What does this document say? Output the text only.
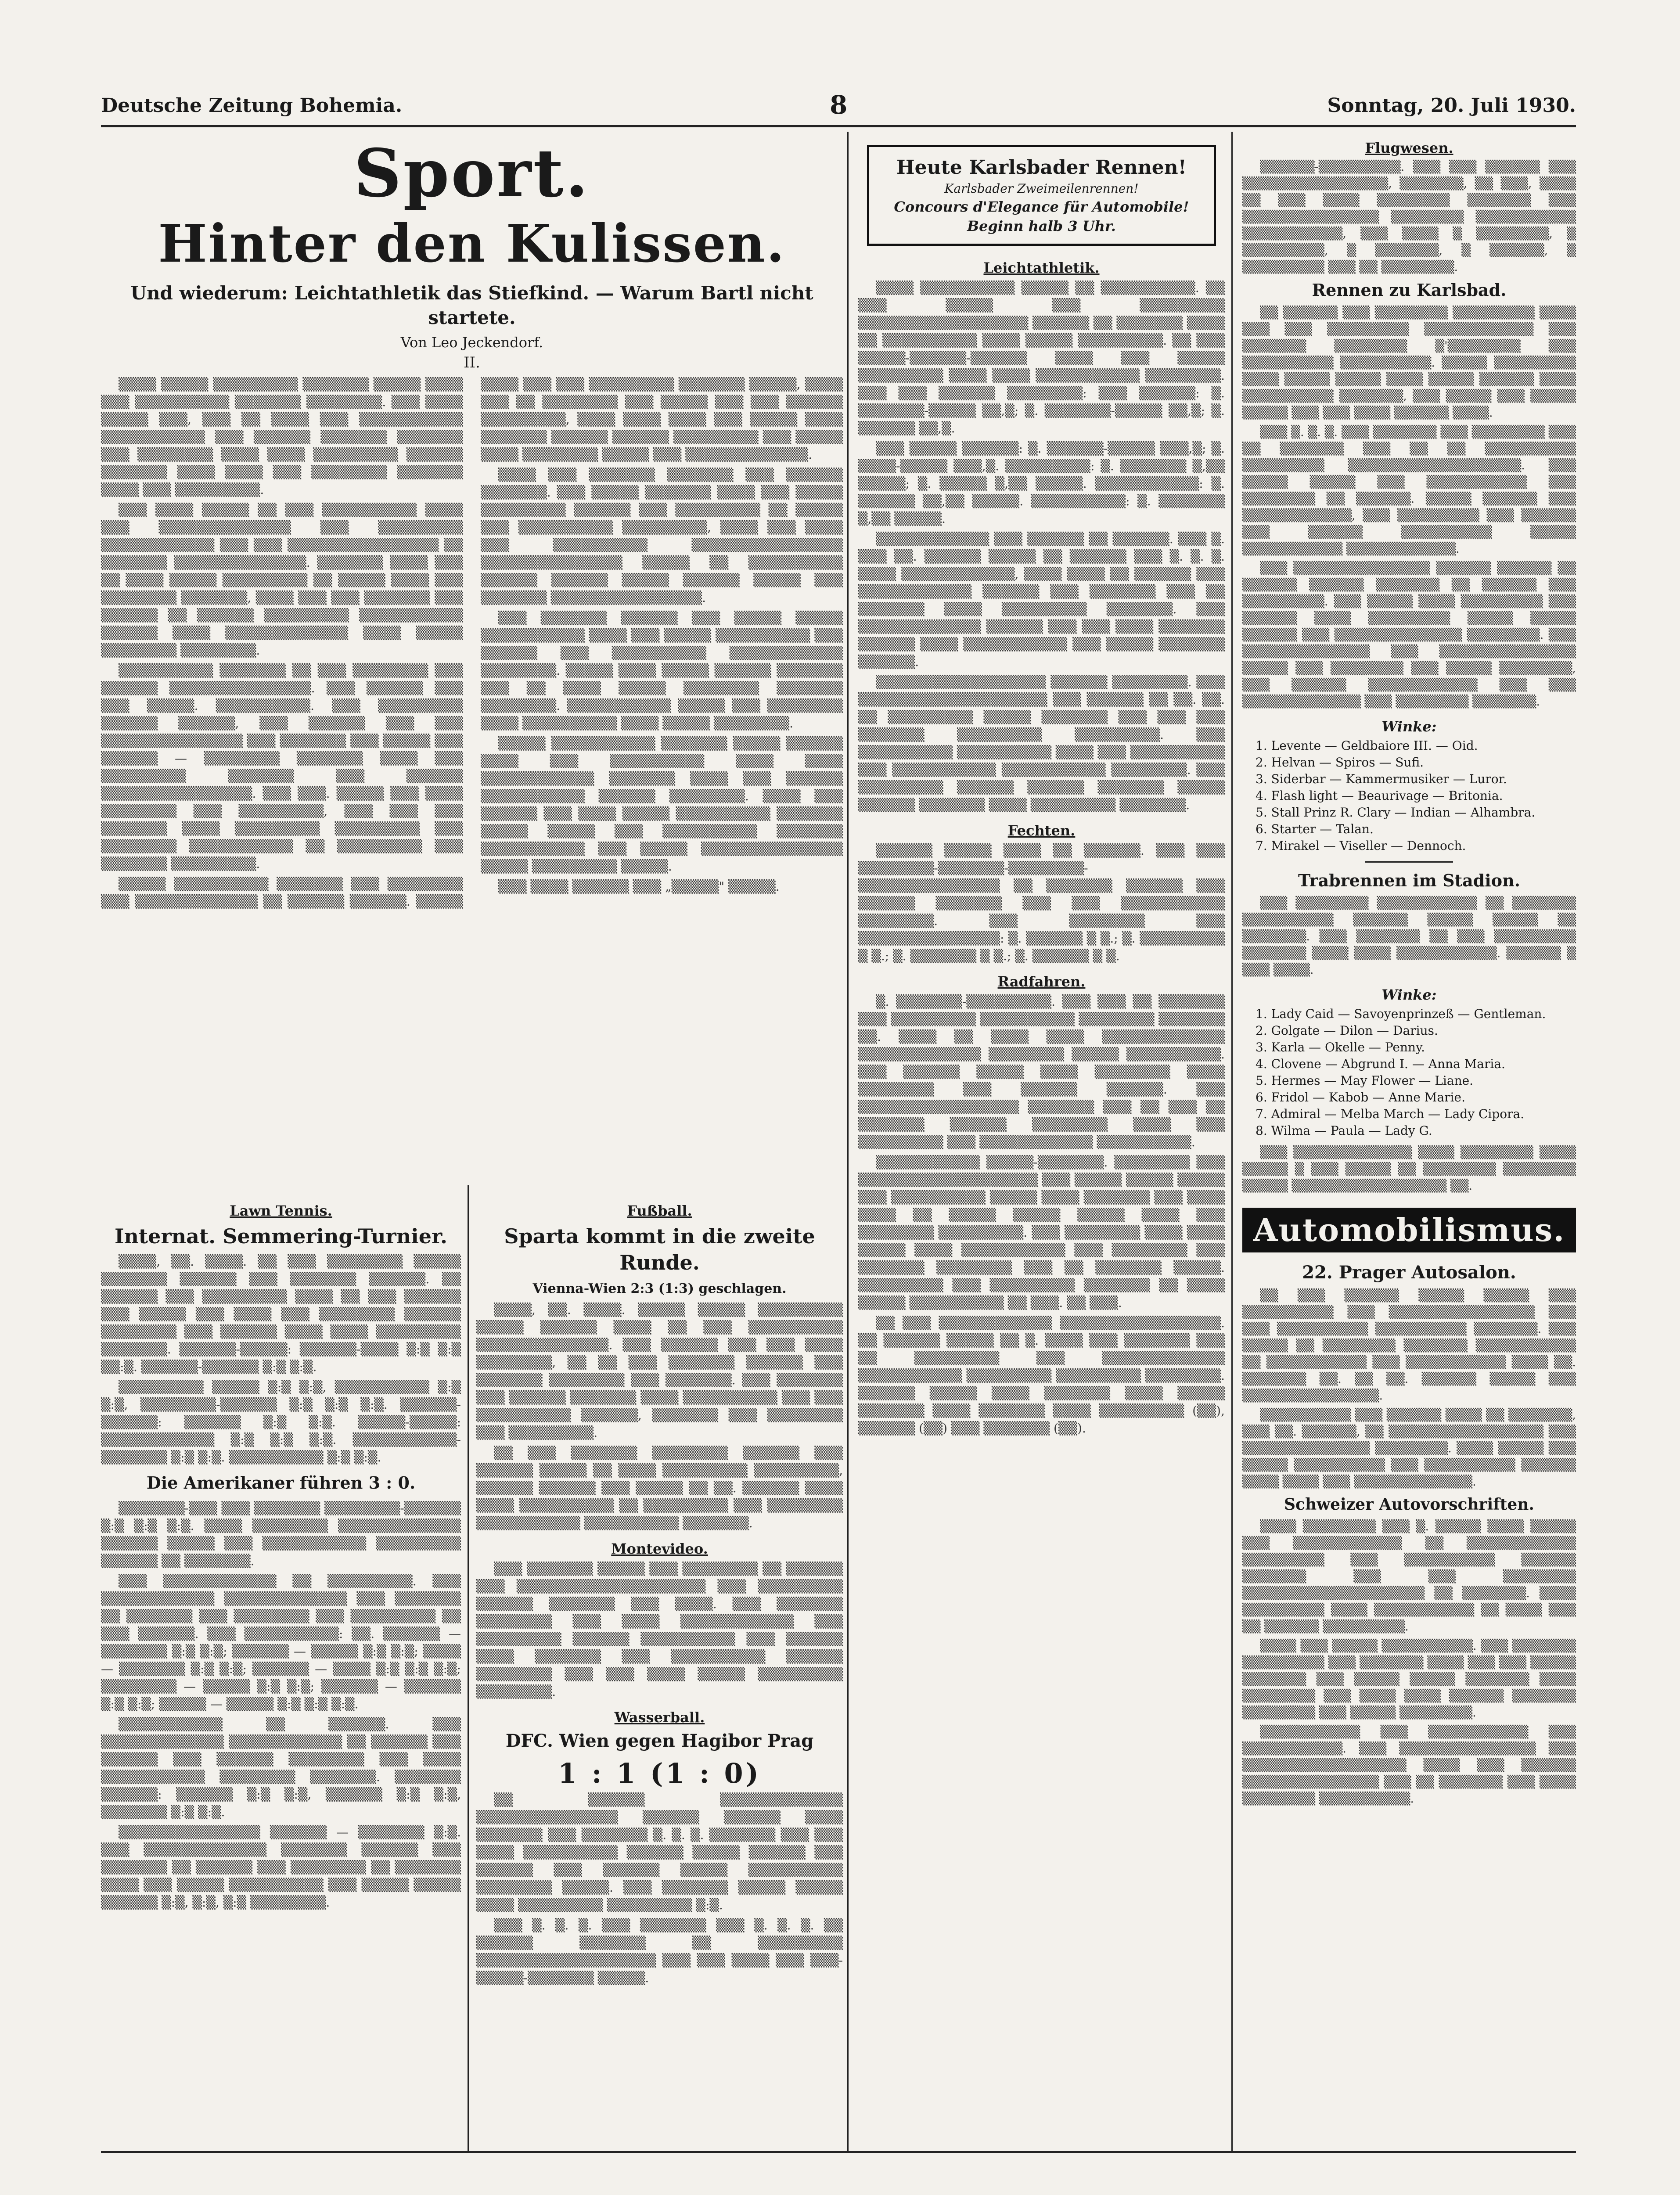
Deutsche Zeitung Bohemia.	8	Sonntag, 20. Juli 1930.
Sport.
Hinter den Kulissen.
Und wiederum: Leichtathletik das Stiefkind. — Warum Bartl nicht startete.
Von Leo Jeckendorf.
II.

▒▒▒▒ ▒▒▒▒▒ ▒▒▒▒▒▒▒▒▒ ▒▒▒▒▒▒▒ ▒▒▒▒▒ ▒▒▒▒ ▒▒▒ ▒▒▒▒▒▒▒▒▒▒ ▒▒▒▒▒▒▒ ▒▒▒▒▒▒▒▒. ▒▒▒ ▒▒▒▒ ▒▒▒▒▒ ▒▒▒, ▒▒▒ ▒▒ ▒▒▒▒ ▒▒▒ ▒▒▒▒▒▒▒▒▒▒▒ ▒▒▒▒▒▒▒▒▒▒▒ ▒▒▒ ▒▒▒▒▒▒ ▒▒▒▒▒▒▒ ▒▒▒▒▒▒▒ ▒▒▒ ▒▒▒▒▒▒▒▒ ▒▒▒▒ ▒▒▒▒ ▒▒▒▒▒▒▒▒▒ ▒▒▒▒▒▒ ▒▒▒▒▒▒▒ ▒▒▒▒ ▒▒▒▒ ▒▒▒ ▒▒▒▒▒▒▒▒ ▒▒▒▒▒▒▒ ▒▒▒▒ ▒▒▒ ▒▒▒▒▒▒▒▒▒.

▒▒▒ ▒▒▒▒ ▒▒▒▒▒ ▒▒ ▒▒▒ ▒▒▒▒▒▒▒▒▒▒ ▒▒▒▒ ▒▒▒ ▒▒▒▒▒▒▒▒▒▒▒▒▒▒ ▒▒▒ ▒▒▒▒▒▒▒▒▒ ▒▒▒▒▒▒▒▒▒▒▒▒ ▒▒▒ ▒▒▒ ▒▒▒▒▒▒▒▒▒▒▒▒▒▒▒▒ ▒▒ ▒▒▒▒▒▒▒ ▒▒▒▒▒▒▒▒▒▒▒▒▒▒. ▒▒▒▒▒▒▒ ▒▒▒▒ ▒▒▒ ▒▒ ▒▒▒▒ ▒▒▒▒▒ ▒▒▒▒▒▒▒▒▒ ▒▒ ▒▒▒▒▒ ▒▒▒▒ ▒▒▒ ▒▒▒▒▒▒▒▒ ▒▒▒▒▒▒▒, ▒▒▒▒ ▒▒▒ ▒▒▒ ▒▒▒▒▒▒▒ ▒▒▒ ▒▒▒▒▒▒ ▒▒ ▒▒▒▒▒▒ ▒▒▒▒▒▒▒▒▒ ▒▒▒▒▒▒▒▒▒▒▒ ▒▒▒▒▒▒ ▒▒▒▒ ▒▒▒▒▒▒▒▒▒▒▒▒▒ ▒▒▒▒ ▒▒▒▒▒ ▒▒▒▒▒▒▒▒ ▒▒▒▒▒▒▒▒.

▒▒▒▒▒▒▒▒▒▒ ▒▒▒▒▒▒▒ ▒▒ ▒▒▒ ▒▒▒▒▒▒▒▒ ▒▒▒ ▒▒▒▒▒▒ ▒▒▒▒▒▒▒▒▒▒▒▒▒▒▒. ▒▒▒ ▒▒▒▒▒▒ ▒▒▒ ▒▒▒ ▒▒▒▒▒. ▒▒▒▒▒▒▒▒▒▒. ▒▒▒ ▒▒▒▒▒▒▒▒▒ ▒▒▒▒▒▒ ▒▒▒▒▒▒, ▒▒▒ ▒▒▒▒▒▒ ▒▒▒ ▒▒▒ ▒▒▒▒▒▒▒▒▒▒▒▒▒▒▒ ▒▒▒ ▒▒▒▒▒▒▒ ▒▒▒ ▒▒▒▒▒ ▒▒▒ ▒▒▒▒▒▒ — ▒▒▒▒▒▒▒▒ ▒▒▒▒▒▒▒ ▒▒▒▒ ▒▒▒ ▒▒▒▒▒▒▒▒▒ ▒▒▒▒▒▒▒ ▒▒▒ ▒▒▒▒▒▒ ▒▒▒▒▒▒▒▒▒▒▒▒▒▒▒▒. ▒▒▒ ▒▒▒. ▒▒▒▒▒ ▒▒▒ ▒▒▒▒ ▒▒▒▒▒▒▒▒ ▒▒▒ ▒▒▒▒▒▒▒▒▒, ▒▒▒ ▒▒▒ ▒▒▒ ▒▒▒▒▒▒▒ ▒▒▒▒ ▒▒▒▒▒▒▒▒▒ ▒▒▒▒▒▒▒▒▒ ▒▒▒ ▒▒▒▒▒▒▒▒ ▒▒▒▒▒▒▒▒▒▒▒ ▒▒ ▒▒▒▒▒▒▒▒▒ ▒▒▒ ▒▒▒▒▒▒▒ ▒▒▒▒▒▒▒▒▒.

▒▒▒▒▒ ▒▒▒▒▒▒▒▒▒▒ ▒▒▒▒▒▒▒ ▒▒▒ ▒▒▒▒▒▒▒▒ ▒▒▒ ▒▒▒▒▒▒▒▒▒▒▒▒▒ ▒▒ ▒▒▒▒▒▒ ▒▒▒▒▒▒. ▒▒▒▒▒ ▒▒▒▒ ▒▒▒ ▒▒▒ ▒▒▒▒▒▒▒▒▒ ▒▒▒▒▒▒▒ ▒▒▒▒▒, ▒▒▒▒ ▒▒▒ ▒▒ ▒▒▒▒▒▒▒▒ ▒▒▒ ▒▒▒▒▒ ▒▒▒ ▒▒▒ ▒▒▒▒▒▒ ▒▒▒▒▒▒▒▒▒, ▒▒▒▒ ▒▒▒▒ ▒▒▒▒ ▒▒▒ ▒▒▒▒▒ ▒▒▒▒ ▒▒▒▒▒▒▒ ▒▒▒▒▒▒ ▒▒▒▒▒▒ ▒▒▒▒▒▒▒▒▒ ▒▒▒ ▒▒▒▒▒ ▒▒▒▒ ▒▒▒▒▒▒▒▒ ▒▒▒▒▒ ▒▒▒ ▒▒▒▒▒▒▒▒▒▒▒▒▒.

▒▒▒▒ ▒▒▒ ▒▒▒▒▒▒▒ ▒▒▒▒▒▒▒ ▒▒▒ ▒▒▒▒▒▒ ▒▒▒▒▒▒▒. ▒▒▒ ▒▒▒▒▒ ▒▒▒▒▒▒▒ ▒▒▒▒ ▒▒▒ ▒▒▒▒▒ ▒▒▒▒▒▒▒▒▒ ▒▒▒▒▒▒ ▒▒▒ ▒▒▒▒▒▒▒▒▒ ▒▒ ▒▒▒▒▒ ▒▒▒ ▒▒▒▒▒▒▒▒▒▒ ▒▒▒▒▒▒▒▒▒, ▒▒▒▒ ▒▒▒ ▒▒▒▒ ▒▒▒ ▒▒▒▒▒▒▒▒▒▒ ▒▒▒▒▒▒▒▒▒▒▒▒▒▒▒▒ ▒▒▒▒▒▒▒▒▒▒▒▒▒▒▒ ▒▒▒▒▒ ▒▒ ▒▒▒▒▒▒▒▒▒▒ ▒▒▒▒▒▒ ▒▒▒▒▒▒ ▒▒▒▒▒ ▒▒▒▒▒▒ ▒▒▒▒▒ ▒▒▒ ▒▒▒▒▒▒▒ ▒▒▒▒▒▒▒▒▒▒▒▒▒▒▒▒.

▒▒▒ ▒▒▒▒▒▒▒ ▒▒▒▒▒▒ ▒▒▒ ▒▒▒▒▒ ▒▒▒▒▒ ▒▒▒▒▒▒▒▒▒▒▒ ▒▒▒▒ ▒▒▒ ▒▒▒▒▒ ▒▒▒▒▒▒▒▒▒▒ ▒▒▒ ▒▒▒▒▒▒ ▒▒▒ ▒▒▒▒▒▒▒▒▒▒ ▒▒▒▒▒▒▒▒▒▒▒▒ ▒▒▒▒▒▒▒▒. ▒▒▒▒▒ ▒▒▒▒ ▒▒▒▒▒ ▒▒▒▒▒▒ ▒▒▒▒▒▒▒ ▒▒▒ ▒▒ ▒▒▒▒ ▒▒▒▒▒ ▒▒▒▒▒▒▒▒ ▒▒▒▒▒▒▒ ▒▒▒▒▒▒▒▒. ▒▒▒▒▒▒▒▒▒▒▒ ▒▒▒▒▒ ▒▒▒ ▒▒▒▒▒▒▒▒ ▒▒▒▒ ▒▒▒▒▒▒▒▒▒▒ ▒▒▒▒ ▒▒▒▒▒ ▒▒▒▒▒▒▒▒.

▒▒▒▒▒ ▒▒▒▒▒▒▒▒▒▒▒ ▒▒▒▒▒▒▒ ▒▒▒▒▒ ▒▒▒▒▒▒ ▒▒▒▒ ▒▒▒ ▒▒▒▒▒▒▒▒▒▒ ▒▒▒▒ ▒▒▒▒ ▒▒▒▒▒▒▒▒▒▒▒▒ ▒▒▒▒▒▒▒ ▒▒▒▒ ▒▒▒ ▒▒▒▒▒▒ ▒▒▒▒▒▒▒▒▒▒▒ ▒▒▒▒▒▒ ▒▒▒▒▒▒▒▒. ▒▒▒▒ ▒▒▒ ▒▒▒▒▒▒ ▒▒▒ ▒▒▒▒ ▒▒▒▒▒ ▒▒▒▒▒▒▒▒▒▒ ▒▒▒▒▒▒▒ ▒▒▒▒▒ ▒▒▒▒▒ ▒▒▒ ▒▒▒▒▒▒▒▒▒▒ ▒▒▒▒▒▒▒ ▒▒▒▒▒▒▒▒▒▒▒ ▒▒▒ ▒▒▒▒▒ ▒▒▒▒▒▒▒▒▒▒▒▒▒▒▒ ▒▒▒▒▒ ▒▒▒▒▒▒▒▒▒ ▒▒▒▒▒.

▒▒▒ ▒▒▒▒ ▒▒▒▒▒▒ ▒▒▒ „▒▒▒▒▒" ▒▒▒▒▒.

Lawn Tennis.
Internat. Semmering-Turnier.

▒▒▒▒, ▒▒. ▒▒▒▒. ▒▒ ▒▒▒ ▒▒▒▒▒▒▒▒ ▒▒▒▒▒ ▒▒▒▒▒▒▒ ▒▒▒▒▒▒ ▒▒▒ ▒▒▒▒▒▒▒ ▒▒▒▒▒▒. ▒▒ ▒▒▒▒▒▒ ▒▒▒ ▒▒▒▒▒▒▒▒▒ ▒▒▒▒ ▒▒ ▒▒▒ ▒▒▒▒▒▒ ▒▒▒ ▒▒▒▒▒ ▒▒▒ ▒▒▒▒ ▒▒▒ ▒▒▒▒▒▒▒▒ ▒▒▒▒▒▒ ▒▒▒▒▒▒▒▒ ▒▒▒ ▒▒▒▒▒▒ ▒▒▒▒ ▒▒▒▒ ▒▒▒▒▒▒▒▒▒ ▒▒▒▒▒▒▒. ▒▒▒▒▒▒-▒▒▒▒▒: ▒▒▒▒▒▒-▒▒▒▒ ▒:▒ ▒:▒ ▒▒:▒. ▒▒▒▒▒▒-▒▒▒▒▒▒ ▒:▒ ▒:▒.

▒▒▒▒▒▒▒▒▒ ▒▒▒▒▒ ▒:▒ ▒:▒, ▒▒▒▒▒▒▒▒▒▒ ▒:▒ ▒:▒, ▒▒▒▒▒▒▒▒-▒▒▒▒▒▒ ▒:▒ ▒:▒ ▒:▒. ▒▒▒▒▒▒-▒▒▒▒▒▒: ▒▒▒▒▒▒ ▒:▒ ▒:▒. ▒▒▒▒▒-▒▒▒▒▒: ▒▒▒▒▒▒▒▒▒▒▒▒ ▒:▒ ▒:▒ ▒:▒. ▒▒▒▒▒▒▒▒▒▒▒-▒▒▒▒▒▒▒ ▒:▒ ▒:▒. ▒▒▒▒▒▒▒▒▒▒ ▒:▒ ▒:▒.

Die Amerikaner führen 3 : 0.

▒▒▒▒▒▒▒-▒▒▒ ▒▒▒ ▒▒▒▒▒▒▒ ▒▒▒▒▒▒▒▒-▒▒▒▒▒▒ ▒:▒ ▒:▒ ▒:▒. ▒▒▒▒ ▒▒▒▒▒▒▒▒ ▒▒▒▒▒▒▒▒▒▒▒▒▒ ▒▒▒▒▒▒ ▒▒▒▒▒ ▒▒▒ ▒▒▒▒▒▒▒▒▒▒▒ ▒▒▒▒▒▒▒▒▒ ▒▒▒▒▒▒ ▒▒ ▒▒▒▒▒▒▒.

▒▒▒ ▒▒▒▒▒▒▒▒▒▒▒▒ ▒▒ ▒▒▒▒▒▒▒▒▒. ▒▒▒ ▒▒▒▒▒▒▒▒▒▒▒▒ ▒▒▒▒▒▒▒▒▒▒▒▒▒ ▒▒▒ ▒▒▒▒▒▒▒ ▒▒ ▒▒▒▒▒▒▒ ▒▒▒ ▒▒▒▒▒▒▒▒ ▒▒▒ ▒▒▒▒▒▒▒▒▒ ▒▒ ▒▒▒ ▒▒▒▒▒▒. ▒▒▒ ▒▒▒▒▒▒▒▒▒▒: ▒▒. ▒▒▒▒▒▒ — ▒▒▒▒▒▒▒ ▒:▒ ▒:▒; ▒▒▒▒▒▒ — ▒▒▒▒▒ ▒:▒ ▒:▒; ▒▒▒▒ — ▒▒▒▒▒▒▒ ▒:▒ ▒:▒; ▒▒▒▒▒▒ — ▒▒▒▒ ▒:▒ ▒:▒ ▒:▒; ▒▒▒▒▒▒▒▒ — ▒▒▒▒▒ ▒:▒ ▒:▒; ▒▒▒▒▒▒ — ▒▒▒▒▒▒ ▒:▒ ▒:▒; ▒▒▒▒▒ — ▒▒▒▒▒ ▒:▒ ▒:▒ ▒:▒.

▒▒▒▒▒▒▒▒▒▒▒ ▒▒ ▒▒▒▒▒▒. ▒▒▒ ▒▒▒▒▒▒▒▒▒▒▒▒▒ ▒▒▒▒▒▒▒▒▒▒▒▒ ▒▒ ▒▒▒▒▒▒ ▒▒▒ ▒▒▒▒▒▒ ▒▒▒ ▒▒▒▒▒▒ ▒▒▒▒▒▒▒▒ ▒▒▒ ▒▒▒▒ ▒▒▒▒▒▒▒▒▒▒▒ ▒▒▒▒▒▒▒▒ ▒▒▒▒▒▒▒. ▒▒▒▒▒▒▒ ▒▒▒▒▒▒: ▒▒▒▒▒▒ ▒:▒ ▒:▒, ▒▒▒▒▒▒ ▒:▒ ▒:▒, ▒▒▒▒▒▒▒ ▒:▒ ▒:▒.

▒▒▒▒▒▒▒▒▒▒▒▒▒▒▒ ▒▒▒▒▒▒ — ▒▒▒▒▒▒▒ ▒:▒. ▒▒▒ ▒▒▒▒▒▒▒▒▒▒▒▒▒ ▒▒▒▒▒▒▒ ▒▒▒▒▒▒ ▒▒▒ ▒▒▒▒▒▒▒ ▒▒ ▒▒▒▒▒▒ ▒▒▒ ▒▒▒▒▒▒▒▒ ▒▒ ▒▒▒▒▒▒▒ ▒▒▒▒ ▒▒▒ ▒▒▒▒▒ ▒▒▒▒▒▒▒▒▒▒ ▒▒▒ ▒▒▒▒▒ ▒▒▒▒▒ ▒▒▒▒▒▒ ▒:▒, ▒:▒, ▒:▒ ▒▒▒▒▒▒▒▒.

Fußball.
Sparta kommt in die zweite Runde.
Vienna-Wien 2:3 (1:3) geschlagen.

▒▒▒▒, ▒▒. ▒▒▒▒. ▒▒▒▒▒ ▒▒▒▒▒ ▒▒▒▒▒▒▒▒▒ ▒▒▒▒▒ ▒▒▒▒▒▒ ▒▒▒▒ ▒▒ ▒▒▒ ▒▒▒▒▒▒▒▒▒▒ ▒▒▒▒▒▒▒▒▒▒▒▒▒▒. ▒▒▒ ▒▒▒▒▒▒ ▒▒▒ ▒▒▒ ▒▒▒▒ ▒▒▒▒▒▒▒▒, ▒▒ ▒▒ ▒▒▒ ▒▒▒▒▒▒▒ ▒▒▒▒▒▒ ▒▒▒ ▒▒▒▒▒▒▒ ▒▒▒▒▒▒▒▒ ▒▒▒ ▒▒▒▒▒▒▒. ▒▒▒ ▒▒▒▒▒▒▒ ▒▒▒ ▒▒▒▒▒▒ ▒▒▒▒▒▒▒ ▒▒▒▒ ▒▒▒▒▒▒▒▒▒▒ ▒▒▒ ▒▒▒ ▒▒▒▒▒▒▒▒▒▒ ▒▒▒▒▒▒, ▒▒▒▒▒▒▒ ▒▒▒ ▒▒▒▒▒▒▒▒ ▒▒▒ ▒▒▒▒▒▒▒▒▒.

▒▒ ▒▒▒ ▒▒▒▒▒▒▒ ▒▒▒▒▒▒▒▒ ▒▒▒▒▒▒ ▒▒▒ ▒▒▒▒▒▒ ▒▒▒▒▒ ▒▒ ▒▒▒▒ ▒▒▒▒▒▒▒▒▒ ▒▒▒▒▒▒▒▒▒, ▒▒▒▒▒▒ ▒▒▒▒▒▒ ▒▒▒ ▒▒▒▒▒ ▒▒ ▒▒. ▒▒▒▒▒▒ ▒▒▒▒ ▒▒▒▒ ▒▒▒▒▒▒▒▒▒▒ ▒▒ ▒▒▒▒▒▒▒▒▒ ▒▒▒ ▒▒▒▒▒▒▒▒ ▒▒▒▒▒▒▒▒▒▒▒ ▒▒▒▒▒▒▒▒▒▒ ▒▒▒▒▒▒▒.

Montevideo.

▒▒▒ ▒▒▒▒▒▒▒ ▒▒▒▒▒ ▒▒▒ ▒▒▒▒▒▒▒▒ ▒▒ ▒▒▒▒▒▒ ▒▒▒ ▒▒▒▒▒▒▒▒▒▒▒▒▒▒▒▒▒▒▒▒ ▒▒▒ ▒▒▒▒▒▒▒▒▒ ▒▒▒▒▒▒ ▒▒▒▒▒▒▒ ▒▒▒ ▒▒▒▒. ▒▒▒ ▒▒▒▒▒▒▒ ▒▒▒▒▒▒▒▒ ▒▒▒ ▒▒▒▒ ▒▒▒▒▒▒▒▒▒▒▒▒ ▒▒▒ ▒▒▒▒▒▒▒▒▒ ▒▒▒▒▒▒ ▒▒▒▒▒▒▒▒▒▒ ▒▒▒ ▒▒▒▒▒▒ ▒▒▒▒ ▒▒▒▒▒▒▒ ▒▒▒ ▒▒▒▒▒▒▒▒▒▒ ▒▒▒▒▒▒ ▒▒▒▒▒▒▒▒ ▒▒▒ ▒▒▒ ▒▒▒▒ ▒▒▒▒▒ ▒▒▒▒▒▒▒▒▒ ▒▒▒▒▒▒▒▒.

Wasserball.
DFC. Wien gegen Hagibor Prag
1 : 1 (1 : 0)

▒▒ ▒▒▒▒▒▒ ▒▒▒▒▒▒▒▒▒▒▒▒▒ ▒▒▒▒▒▒▒▒▒▒▒▒▒▒▒ ▒▒▒▒▒▒ ▒▒▒▒▒▒ ▒▒▒▒ ▒▒▒▒▒▒▒ ▒▒▒ ▒▒▒▒▒▒▒ ▒. ▒. ▒. ▒▒▒▒▒▒▒ ▒▒▒ ▒▒▒ ▒▒▒▒ ▒▒▒▒▒▒▒▒▒▒ ▒▒▒▒▒▒ ▒▒▒▒▒ ▒▒▒▒▒▒ ▒▒▒ ▒▒▒▒▒▒ ▒▒▒ ▒▒▒▒▒▒ ▒▒▒▒▒ ▒▒▒▒▒▒▒▒▒▒ ▒▒▒▒▒▒▒▒ ▒▒▒▒▒. ▒▒▒ ▒▒▒▒▒▒▒ ▒▒▒▒▒ ▒▒▒▒▒ ▒▒▒▒ ▒▒▒▒▒▒▒▒▒ ▒▒▒▒▒▒▒▒▒ ▒:▒.

▒▒▒ ▒. ▒. ▒. ▒▒▒ ▒▒▒▒▒▒▒ ▒▒▒ ▒. ▒. ▒. ▒▒ ▒▒▒▒▒▒ ▒▒▒▒▒▒▒ ▒▒ ▒▒▒▒▒▒▒▒▒ ▒▒▒▒▒▒▒▒▒▒▒▒▒▒▒▒▒▒▒ ▒▒▒ ▒▒▒ ▒▒▒▒ ▒▒▒ ▒▒▒-▒▒▒▒▒-▒▒▒▒▒▒▒ ▒▒▒▒▒.

Heute Karlsbader Rennen!
Karlsbader Zweimeilenrennen!
Concours d'Elegance für Automobile!
Beginn halb 3 Uhr.
Leichtathletik.

▒▒▒▒ ▒▒▒▒▒▒▒▒▒▒ ▒▒▒▒▒ ▒▒ ▒▒▒▒▒▒▒▒▒▒. ▒▒ ▒▒▒ ▒▒▒▒▒ ▒▒▒ ▒▒▒▒▒▒▒▒▒ ▒▒▒▒▒▒▒▒▒▒▒▒▒▒▒▒▒▒ ▒▒▒▒▒▒ ▒▒ ▒▒▒▒▒▒▒ ▒▒▒▒ ▒▒ ▒▒▒▒▒▒▒▒▒▒ ▒▒▒▒ ▒▒▒▒▒ ▒▒▒▒▒▒▒▒▒. ▒▒ ▒▒▒ ▒▒▒▒▒-▒▒▒▒▒▒-▒▒▒▒▒▒ ▒▒▒▒ ▒▒▒ ▒▒▒▒▒ ▒▒▒▒▒▒▒▒▒ ▒▒▒▒ ▒▒▒▒ ▒▒▒▒▒▒▒▒▒▒▒ ▒▒▒▒▒▒▒▒. ▒▒▒ ▒▒▒ ▒▒▒▒▒▒ ▒▒▒▒▒▒▒▒: ▒▒▒ ▒▒▒▒▒▒: ▒. ▒▒▒▒▒▒▒-▒▒▒▒▒ ▒▒,▒; ▒. ▒▒▒▒▒▒▒-▒▒▒▒▒ ▒▒,▒; ▒. ▒▒▒▒▒▒ ▒▒,▒.

▒▒▒ ▒▒▒▒▒ ▒▒▒▒▒▒: ▒. ▒▒▒▒▒▒-▒▒▒▒▒ ▒▒▒,▒; ▒. ▒▒▒▒-▒▒▒▒▒ ▒▒▒,▒. ▒▒▒▒▒▒▒▒▒: ▒. ▒▒▒▒▒▒▒ ▒,▒▒ ▒▒▒▒▒; ▒. ▒▒▒▒▒ ▒,▒▒ ▒▒▒▒▒. ▒▒▒▒▒▒▒▒▒▒▒: ▒. ▒▒▒▒▒▒ ▒▒,▒▒ ▒▒▒▒▒. ▒▒▒▒▒▒▒▒▒▒: ▒. ▒▒▒▒▒▒▒ ▒,▒▒ ▒▒▒▒▒.

▒▒▒▒▒▒▒▒▒▒▒▒ ▒▒▒ ▒▒▒▒▒▒ ▒▒ ▒▒▒▒▒▒. ▒▒▒ ▒. ▒▒▒ ▒▒. ▒▒▒▒▒▒ ▒▒▒▒▒ ▒▒ ▒▒▒▒▒▒ ▒▒▒ ▒. ▒. ▒. ▒▒▒▒ ▒▒▒▒▒▒▒▒▒▒▒▒, ▒▒▒▒ ▒▒▒▒ ▒▒ ▒▒▒▒▒▒ ▒▒▒ ▒▒▒▒▒▒▒▒▒▒▒▒ ▒▒▒▒▒▒ ▒▒▒ ▒▒▒▒▒▒▒ ▒▒▒ ▒▒ ▒▒▒▒▒▒▒ ▒▒▒▒ ▒▒▒▒▒▒▒▒▒ ▒▒▒▒▒▒▒. ▒▒▒ ▒▒▒▒▒▒▒▒▒▒▒▒▒ ▒▒▒▒▒▒ ▒▒▒ ▒▒▒ ▒▒▒▒ ▒▒▒▒▒▒▒ ▒▒▒▒▒▒ ▒▒▒▒ ▒▒▒▒▒▒▒▒▒▒▒ ▒▒▒ ▒▒▒▒▒ ▒▒▒▒▒▒▒ ▒▒▒▒▒▒.

▒▒▒▒▒▒▒▒▒▒▒▒▒▒▒▒▒▒ ▒▒▒▒▒▒ ▒▒▒▒▒▒▒▒. ▒▒▒ ▒▒▒▒▒▒▒▒▒▒▒▒▒▒▒▒▒▒▒▒ ▒▒▒ ▒▒▒▒▒▒ ▒▒ ▒▒. ▒▒. ▒▒ ▒▒▒▒▒▒▒▒▒ ▒▒▒▒▒ ▒▒▒▒▒▒▒ ▒▒▒ ▒▒▒ ▒▒▒ ▒▒▒▒▒▒▒ ▒▒▒▒▒▒▒▒▒ ▒▒▒▒▒▒▒▒▒. ▒▒▒ ▒▒▒▒▒▒▒▒▒▒ ▒▒▒▒▒▒▒▒▒▒ ▒▒▒▒ ▒▒▒ ▒▒▒▒▒▒▒▒▒▒ ▒▒▒ ▒▒▒▒▒▒▒▒▒▒▒ ▒▒▒▒▒▒▒▒▒▒▒ ▒▒▒▒▒▒▒▒. ▒▒▒ ▒▒▒▒▒▒▒▒▒ ▒▒▒▒▒▒ ▒▒▒▒▒▒ ▒▒▒▒▒▒▒ ▒▒▒▒▒ ▒▒▒▒▒▒ ▒▒▒▒▒▒▒ ▒▒▒▒ ▒▒▒▒▒▒▒▒▒ ▒▒▒▒▒▒▒.

Fechten.

▒▒▒▒▒▒ ▒▒▒▒▒ ▒▒▒▒ ▒▒ ▒▒▒▒▒▒. ▒▒▒ ▒▒▒ ▒▒▒▒▒▒▒▒-▒▒▒▒▒▒▒-▒▒▒▒▒▒▒▒-▒▒▒▒▒▒▒▒▒▒▒▒▒▒▒ ▒▒ ▒▒▒▒▒▒▒ ▒▒▒▒▒▒ ▒▒▒ ▒▒▒▒▒▒ ▒▒▒▒▒▒▒ ▒▒▒ ▒▒▒ ▒▒▒▒▒▒▒▒▒▒▒ ▒▒▒▒▒▒▒▒. ▒▒▒ ▒▒▒▒▒▒▒▒ ▒▒▒ ▒▒▒▒▒▒▒▒▒▒▒▒▒▒▒: ▒. ▒▒▒▒▒▒ ▒ ▒.; ▒. ▒▒▒▒▒▒▒▒▒ ▒ ▒.; ▒. ▒▒▒▒▒▒▒ ▒ ▒.; ▒. ▒▒▒▒▒▒ ▒ ▒.

Radfahren.

▒. ▒▒▒▒▒▒▒-▒▒▒▒▒▒▒▒▒. ▒▒▒ ▒▒▒ ▒▒ ▒▒▒▒▒▒▒ ▒▒▒ ▒▒▒▒▒▒▒▒▒ ▒▒▒▒▒▒▒▒▒▒ ▒▒▒▒▒▒▒▒ ▒▒▒▒▒▒▒ ▒▒. ▒▒▒▒ ▒▒ ▒▒▒▒ ▒▒▒▒ ▒▒▒▒▒▒▒▒▒▒▒▒▒ ▒▒▒▒▒▒▒▒▒▒▒▒▒ ▒▒▒▒▒▒▒▒ ▒▒▒▒▒ ▒▒▒▒▒▒▒▒▒▒. ▒▒▒ ▒▒▒▒▒▒ ▒▒▒▒▒ ▒▒▒▒ ▒▒▒▒▒▒▒▒ ▒▒▒▒ ▒▒▒▒▒▒▒▒ ▒▒▒ ▒▒▒▒▒▒ ▒▒▒▒▒▒. ▒▒▒ ▒▒▒▒▒▒▒▒▒▒▒▒▒▒▒▒▒ ▒▒▒▒▒▒▒ ▒▒▒ ▒▒ ▒▒▒ ▒▒ ▒▒▒▒▒▒▒ ▒▒▒▒▒▒ ▒▒▒▒▒▒▒▒ ▒▒▒▒ ▒▒▒ ▒▒▒▒▒▒▒▒▒ ▒▒▒ ▒▒▒▒▒▒▒▒▒▒▒▒ ▒▒▒▒▒▒▒▒▒▒.

▒▒▒▒▒▒▒▒▒▒▒ ▒▒▒▒▒-▒▒▒▒▒▒▒. ▒▒▒▒▒▒▒▒ ▒▒▒ ▒▒▒▒▒▒▒▒▒▒▒▒▒▒▒▒▒▒▒ ▒▒▒ ▒▒▒▒▒ ▒▒▒▒▒ ▒▒▒▒▒ ▒▒▒ ▒▒▒▒▒▒▒▒▒▒ ▒▒▒▒▒ ▒▒▒▒ ▒▒▒▒▒▒▒ ▒▒▒ ▒▒▒▒ ▒▒▒▒ ▒▒ ▒▒▒▒▒ ▒▒▒▒▒ ▒▒▒▒▒ ▒▒▒▒ ▒▒▒ ▒▒▒▒▒▒▒▒ ▒▒▒▒▒▒▒▒▒. ▒▒▒ ▒▒▒▒▒▒▒▒ ▒▒▒▒ ▒▒▒▒ ▒▒▒▒▒ ▒▒▒▒ ▒▒▒▒▒▒▒▒▒▒▒ ▒▒▒ ▒▒▒▒▒▒▒▒ ▒▒▒ ▒▒▒▒▒▒▒ ▒▒▒▒▒▒▒▒ ▒▒▒ ▒▒ ▒▒▒▒▒▒▒ ▒▒▒▒▒. ▒▒▒▒▒▒▒▒▒ ▒▒▒ ▒▒▒▒▒▒▒▒▒ ▒▒▒▒▒▒▒ ▒▒ ▒▒▒▒ ▒▒▒▒▒ ▒▒▒▒▒▒▒▒▒▒ ▒▒ ▒▒▒. ▒▒ ▒▒▒.

▒▒ ▒▒▒ ▒▒▒▒▒▒▒▒▒▒▒▒ ▒▒▒▒▒▒▒▒▒▒▒▒▒▒▒▒▒. ▒▒ ▒▒▒▒▒▒ ▒▒▒▒▒ ▒▒ ▒. ▒▒▒▒ ▒▒▒ ▒▒▒▒▒▒▒ ▒▒▒ ▒▒ ▒▒▒▒▒▒▒▒▒ ▒▒▒ ▒▒▒▒▒▒▒▒▒▒▒▒▒ ▒▒▒▒▒▒▒▒▒▒▒ ▒▒▒▒▒▒▒▒▒ ▒▒▒▒▒▒▒▒▒ ▒▒▒▒▒▒▒▒. ▒▒▒▒▒▒ ▒▒▒▒▒ ▒▒▒▒ ▒▒▒▒▒▒▒ ▒▒▒▒ ▒▒▒▒▒ ▒▒▒▒▒▒▒ ▒▒▒▒ ▒▒▒▒▒▒▒ ▒▒▒▒ ▒▒▒▒▒▒▒▒▒ (▒▒), ▒▒▒▒▒▒ (▒▒) ▒▒▒ ▒▒▒▒▒▒▒ (▒▒).

Flugwesen.

▒▒▒▒▒▒-▒▒▒▒▒▒▒▒▒. ▒▒▒ ▒▒▒ ▒▒▒▒▒▒ ▒▒▒ ▒▒▒▒▒▒▒▒▒▒▒▒▒▒▒▒, ▒▒▒▒▒▒▒, ▒▒ ▒▒▒, ▒▒▒▒ ▒▒ ▒▒▒ ▒▒▒▒ ▒▒▒▒▒▒▒▒ ▒▒▒▒▒▒▒ ▒▒▒ ▒▒▒▒▒▒▒▒▒▒▒▒▒▒▒ ▒▒▒▒▒▒▒▒ ▒▒▒▒▒▒▒▒▒▒▒ ▒▒▒▒▒▒▒▒▒▒▒, ▒▒▒ ▒▒▒▒ ▒ ▒▒▒▒▒▒▒▒, ▒ ▒▒▒▒▒▒▒▒▒, ▒ ▒▒▒▒▒▒▒, ▒ ▒▒▒▒▒▒, ▒ ▒▒▒▒▒▒▒▒▒ ▒▒▒ ▒▒ ▒▒▒▒▒▒▒▒.

Rennen zu Karlsbad.

▒▒ ▒▒▒▒▒▒ ▒▒▒ ▒▒▒▒▒▒▒▒ ▒▒▒▒▒▒▒▒▒ ▒▒▒▒ ▒▒▒ ▒▒▒ ▒▒▒▒▒▒▒▒▒ ▒▒▒▒▒▒▒▒▒▒▒▒ ▒▒▒ ▒▒▒▒▒▒▒ ▒▒▒▒▒▒▒▒ ▒'▒▒▒▒▒▒▒▒ ▒▒▒ ▒▒▒▒▒▒▒▒▒▒ ▒▒▒▒▒▒▒▒▒▒. ▒▒▒▒▒ ▒▒▒▒▒▒▒▒▒ ▒▒▒▒ ▒▒▒▒▒ ▒▒▒▒▒ ▒▒▒▒ ▒▒▒▒▒ ▒▒▒▒▒▒ ▒▒▒▒ ▒▒▒▒▒▒▒▒▒▒ ▒▒▒▒▒▒▒, ▒▒▒ ▒▒▒▒▒ ▒▒▒ ▒▒▒▒▒ ▒▒▒▒▒ ▒▒▒ ▒▒▒ ▒▒▒▒ ▒▒▒▒▒▒ ▒▒▒▒.

▒▒▒ ▒. ▒. ▒. ▒▒▒ ▒▒▒▒▒▒▒ ▒▒▒ ▒▒▒▒▒▒▒▒ ▒▒▒ ▒▒ ▒▒▒▒▒▒▒ ▒▒▒ ▒▒ ▒▒ ▒▒▒▒▒▒▒▒▒▒ ▒▒▒▒▒▒▒▒▒ ▒▒▒▒▒▒▒▒▒▒▒▒▒▒▒▒▒▒▒. ▒▒▒ ▒▒▒▒▒ ▒▒▒▒▒ ▒▒▒ ▒▒▒▒▒▒▒▒▒▒▒ ▒▒▒ ▒▒▒▒▒▒▒▒ ▒▒ ▒▒▒▒▒▒. ▒▒▒▒▒ ▒▒▒▒▒▒ ▒▒▒ ▒▒▒▒▒▒▒▒▒▒▒▒, ▒▒▒ ▒▒▒▒▒▒▒▒▒ ▒▒▒ ▒▒▒▒▒▒ ▒▒▒ ▒▒▒▒▒▒ ▒▒▒▒▒▒▒▒▒▒ ▒▒▒▒▒ ▒▒▒▒▒▒▒▒▒▒▒ ▒▒▒▒▒▒▒▒▒▒▒▒.

▒▒▒ ▒▒▒▒▒▒▒▒▒▒▒▒▒▒▒ ▒▒▒▒▒▒ ▒▒▒▒▒▒ ▒▒ ▒▒▒▒▒▒ ▒▒▒▒▒▒ ▒▒▒▒▒▒▒ ▒▒ ▒▒▒▒▒▒ ▒▒▒ ▒▒▒▒▒▒▒▒▒. ▒▒▒ ▒▒▒▒▒ ▒▒▒▒ ▒▒▒▒▒▒▒▒▒ ▒▒▒ ▒▒▒▒▒▒ ▒▒▒▒ ▒▒▒▒▒▒▒▒▒ ▒▒▒▒▒ ▒▒▒▒▒ ▒▒▒▒▒▒ ▒▒▒ ▒▒▒▒▒▒▒▒▒▒▒▒▒▒ ▒▒▒▒▒▒▒▒. ▒▒▒ ▒▒▒▒▒▒▒▒▒▒▒▒▒▒ ▒▒▒ ▒▒▒▒▒▒▒▒▒▒▒▒▒▒▒ ▒▒▒▒▒ ▒▒▒ ▒▒▒▒▒▒▒▒ ▒▒▒ ▒▒▒▒▒ ▒▒▒▒▒▒▒▒, ▒▒▒ ▒▒▒▒▒▒ ▒▒▒▒▒▒▒▒▒▒▒▒ ▒▒▒ ▒▒▒ ▒▒▒▒▒▒▒▒▒▒▒▒▒ ▒▒▒ ▒▒▒▒▒▒▒▒ ▒▒▒▒▒▒▒.

Winke:
1. Levente — Geldbaiore III. — Oid.
2. Helvan — Spiros — Sufi.
3. Siderbar — Kammermusiker — Luror.
4. Flash light — Beaurivage — Britonia.
5. Stall Prinz R. Clary — Indian — Alhambra.
6. Starter — Talan.
7. Mirakel — Viseller — Dennoch.
Trabrennen im Stadion.

▒▒▒ ▒▒▒▒▒▒▒▒ ▒▒▒▒▒▒▒▒▒▒▒ ▒▒ ▒▒▒▒▒▒▒ ▒▒▒▒▒▒▒▒▒▒ ▒▒▒▒▒▒ ▒▒▒▒▒ ▒▒▒▒▒ ▒▒ ▒▒▒▒▒▒▒. ▒▒▒ ▒▒▒▒▒▒▒ ▒▒ ▒▒▒ ▒▒▒▒▒▒▒▒▒ ▒▒▒▒▒▒▒ ▒▒▒▒ ▒▒▒▒ ▒▒▒▒▒▒▒▒▒▒▒. ▒▒▒▒▒▒ ▒ ▒▒▒ ▒▒▒▒.

Winke:
1. Lady Caid — Savoyenprinzeß — Gentleman.
2. Golgate — Dilon — Darius.
3. Karla — Okelle — Penny.
4. Clovene — Abgrund I. — Anna Maria.
5. Hermes — May Flower — Liane.
6. Fridol — Kabob — Anne Marie.
7. Admiral — Melba March — Lady Cipora.
8. Wilma — Paula — Lady G.

▒▒▒ ▒▒▒▒▒▒▒▒▒▒▒▒▒ ▒▒▒▒ ▒▒▒▒▒▒▒▒ ▒▒▒▒ ▒▒▒▒▒ ▒ ▒▒▒ ▒▒▒▒▒ ▒▒ ▒▒▒▒▒▒▒▒ ▒▒▒▒▒▒▒▒ ▒▒▒▒▒ ▒▒▒▒▒▒▒▒▒▒▒▒▒▒▒▒▒ ▒▒.

Automobilismus.
22. Prager Autosalon.

▒▒ ▒▒▒ ▒▒▒▒▒▒ ▒▒▒▒▒ ▒▒▒▒▒ ▒▒▒ ▒▒▒▒▒▒▒▒▒▒ ▒▒▒ ▒▒▒▒▒▒▒▒▒▒▒▒▒▒▒▒ ▒▒▒ ▒▒▒ ▒▒▒▒▒▒▒▒▒▒ ▒▒▒▒▒▒▒▒▒▒ ▒▒▒▒▒▒▒. ▒▒▒ ▒▒▒▒▒ ▒▒ ▒▒▒▒▒▒▒▒ ▒▒▒▒▒▒▒ ▒▒▒▒▒▒▒▒▒▒▒ ▒▒ ▒▒▒▒▒▒▒▒▒▒▒ ▒▒▒ ▒▒▒▒▒▒▒▒▒▒▒ ▒▒▒▒ ▒▒. ▒▒▒▒▒▒▒ ▒▒. ▒▒ ▒▒. ▒▒▒▒▒▒ ▒▒▒▒▒ ▒▒▒ ▒▒▒▒▒▒▒▒▒▒▒▒▒▒▒.

▒▒▒▒▒▒▒▒▒▒ ▒▒▒ ▒▒▒▒▒▒ ▒▒▒▒ ▒▒ ▒▒▒▒▒▒▒, ▒▒▒ ▒▒. ▒▒▒▒▒▒, ▒▒ ▒▒▒▒▒▒▒▒▒▒▒▒▒▒▒▒▒ ▒▒▒ ▒▒▒▒▒▒▒▒▒▒▒▒▒▒ ▒▒▒▒▒▒▒▒. ▒▒▒▒ ▒▒▒▒▒ ▒▒▒ ▒▒▒▒▒ ▒▒▒▒▒▒▒▒▒▒ ▒▒▒ ▒▒▒▒▒▒▒▒▒▒ ▒▒▒▒▒▒ ▒▒▒▒ ▒▒▒▒ ▒▒▒ ▒▒▒▒▒▒▒▒▒▒▒▒▒.

Schweizer Autovorschriften.

▒▒▒▒ ▒▒▒▒▒▒▒▒ ▒▒▒ ▒. ▒▒▒▒▒ ▒▒▒▒ ▒▒▒▒▒ ▒▒▒ ▒▒▒▒▒▒▒▒▒▒▒▒ ▒▒ ▒▒▒▒▒▒▒▒▒▒▒▒ ▒▒▒▒▒▒▒▒▒ ▒▒▒ ▒▒▒▒▒▒▒▒▒▒ ▒▒▒▒▒▒ ▒▒▒▒▒▒▒ ▒▒▒ ▒▒▒ ▒▒▒▒▒▒▒▒ ▒▒▒▒▒▒▒▒▒▒▒▒▒▒▒▒▒▒▒▒ ▒▒ ▒▒▒▒▒▒▒. ▒▒▒▒ ▒▒▒▒▒▒▒▒▒ ▒▒▒▒ ▒▒▒▒▒▒▒▒▒▒▒ ▒▒ ▒▒▒▒ ▒▒▒ ▒▒ ▒▒▒▒▒▒ ▒▒▒▒▒▒▒▒▒.

▒▒▒▒ ▒▒▒ ▒▒▒▒▒ ▒▒▒▒▒▒▒▒▒▒. ▒▒▒ ▒▒▒▒▒▒▒ ▒▒▒▒▒▒▒▒▒ ▒▒▒ ▒▒▒▒▒▒▒ ▒▒▒▒ ▒▒▒ ▒▒▒ ▒▒▒▒▒ ▒▒▒▒▒▒▒ ▒▒▒ ▒▒▒▒▒ ▒▒▒▒▒ ▒▒▒▒▒▒▒ ▒▒▒▒ ▒▒▒▒▒▒▒▒ ▒▒▒ ▒▒▒▒ ▒▒▒▒ ▒▒▒▒▒▒ ▒▒▒▒▒▒▒ ▒▒▒▒▒▒▒▒ ▒▒▒ ▒▒▒▒▒ ▒▒▒▒▒▒▒▒.

▒▒▒▒▒▒▒▒▒▒▒ ▒▒▒ ▒▒▒▒▒▒▒▒▒▒▒ ▒▒▒ ▒▒▒▒▒▒▒▒▒▒▒. ▒▒▒ ▒▒▒▒▒▒▒▒▒▒▒▒▒▒▒ ▒▒▒ ▒▒▒▒▒▒▒▒▒▒▒▒▒▒▒▒▒▒ ▒▒▒▒ ▒▒▒ ▒▒▒▒▒▒ ▒▒▒▒▒▒▒▒▒▒▒▒▒▒▒ ▒▒▒ ▒▒ ▒▒▒▒▒▒▒ ▒▒▒ ▒▒▒▒ ▒▒▒▒▒▒▒▒ ▒▒▒▒▒▒▒▒▒▒.
